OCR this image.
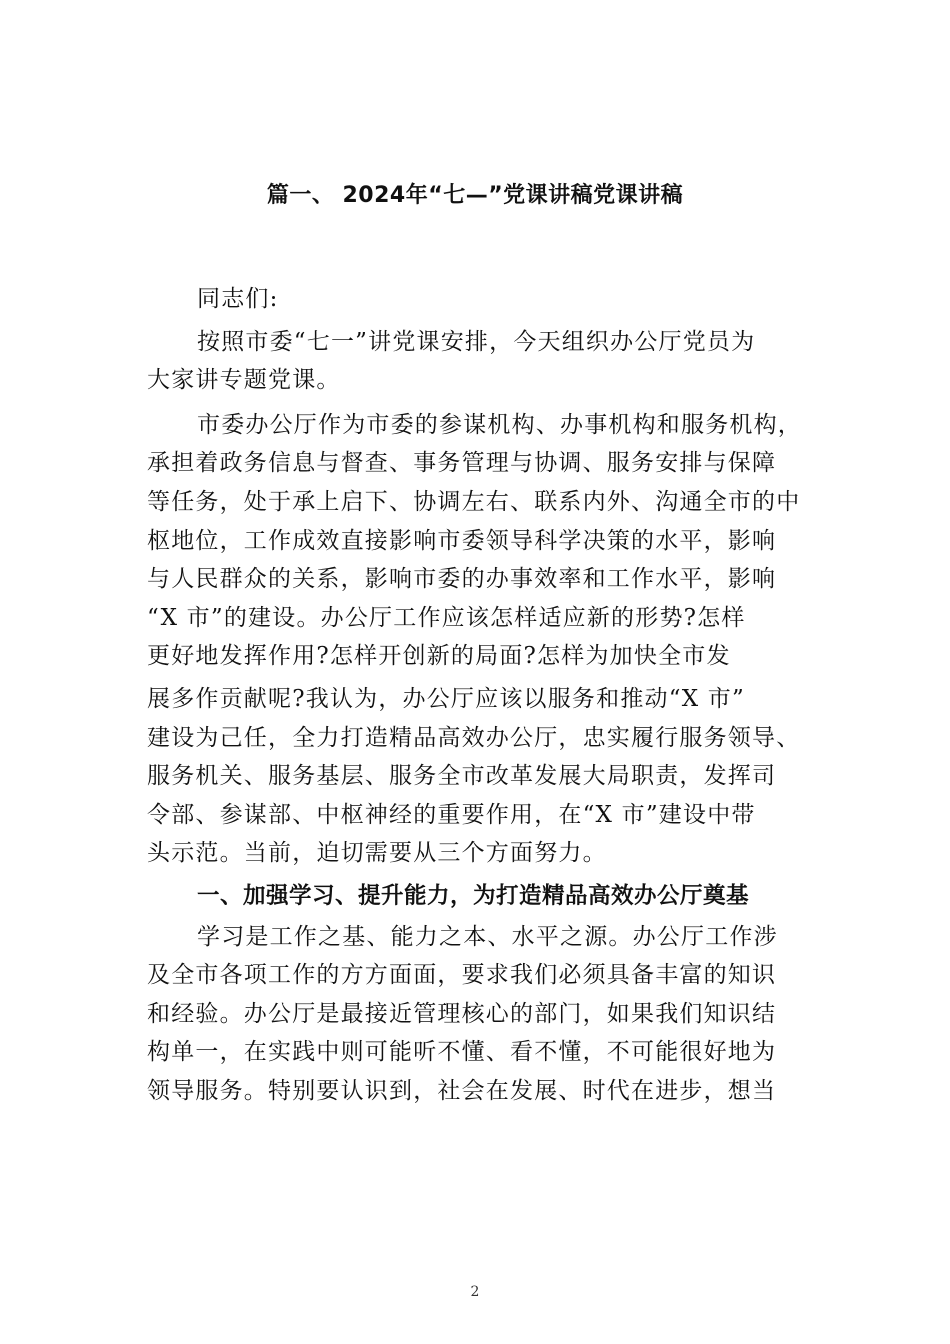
篇一、 2024年“七—”党课讲稿党课讲稿
同志们:
按照市委“七一”讲党课安排，今天组织办公厅党员为
大家讲专题党课。
市委办公厅作为市委的参谋机构、办事机构和服务机构，
承担着政务信息与督查、事务管理与协调、服务安排与保障
等任务，处于承上启下、协调左右、联系内外、沟通全市的中
枢地位，工作成效直接影响市委领导科学决策的水平，影响
与人民群众的关系，影响市委的办事效率和工作水平，影响
“X 市”的建设。办公厅工作应该怎样适应新的形势?怎样
更好地发挥作用?怎样开创新的局面?怎样为加快全市发
展多作贡献呢?我认为，办公厅应该以服务和推动“X 市”
建设为己任，全力打造精品高效办公厅，忠实履行服务领导、
服务机关、服务基层、服务全市改革发展大局职责，发挥司
令部、参谋部、中枢神经的重要作用，在“X 市”建设中带
头示范。当前，迫切需要从三个方面努力。
一、加强学习、提升能力，为打造精品高效办公厅奠基
学习是工作之基、能力之本、水平之源。办公厅工作涉
及全市各项工作的方方面面，要求我们必须具备丰富的知识
和经验。办公厅是最接近管理核心的部门，如果我们知识结
构单一，在实践中则可能听不懂、看不懂，不可能很好地为
领导服务。特别要认识到，社会在发展、时代在进步，想当
2
